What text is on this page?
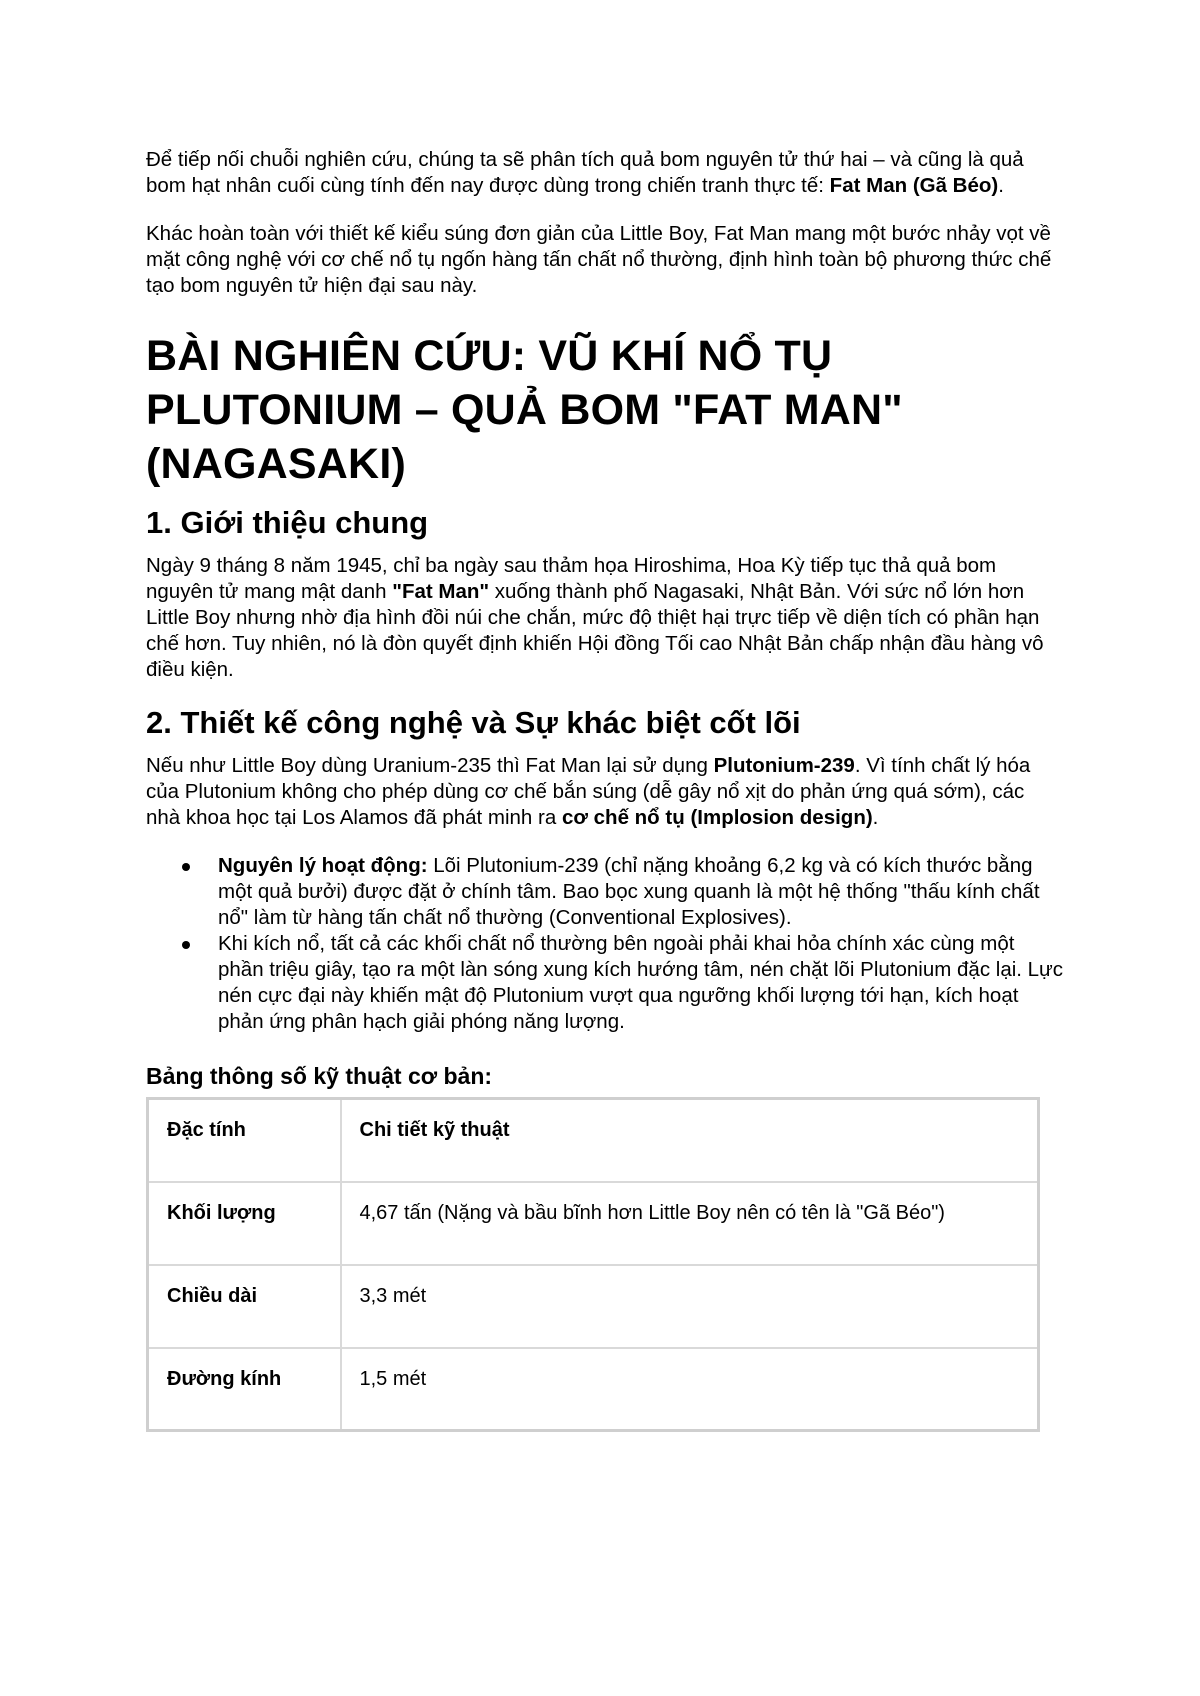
Để tiếp nối chuỗi nghiên cứu, chúng ta sẽ phân tích quả bom nguyên tử thứ hai – và cũng là quả bom hạt nhân cuối cùng tính đến nay được dùng trong chiến tranh thực tế: Fat Man (Gã Béo).

Khác hoàn toàn với thiết kế kiểu súng đơn giản của Little Boy, Fat Man mang một bước nhảy vọt về mặt công nghệ với cơ chế nổ tụ ngốn hàng tấn chất nổ thường, định hình toàn bộ phương thức chế tạo bom nguyên tử hiện đại sau này.

BÀI NGHIÊN CỨU: VŨ KHÍ NỔ TỤ PLUTONIUM – QUẢ BOM "FAT MAN" (NAGASAKI)
1. Giới thiệu chung

Ngày 9 tháng 8 năm 1945, chỉ ba ngày sau thảm họa Hiroshima, Hoa Kỳ tiếp tục thả quả bom nguyên tử mang mật danh "Fat Man" xuống thành phố Nagasaki, Nhật Bản. Với sức nổ lớn hơn Little Boy nhưng nhờ địa hình đồi núi che chắn, mức độ thiệt hại trực tiếp về diện tích có phần hạn chế hơn. Tuy nhiên, nó là đòn quyết định khiến Hội đồng Tối cao Nhật Bản chấp nhận đầu hàng vô điều kiện.

2. Thiết kế công nghệ và Sự khác biệt cốt lõi

Nếu như Little Boy dùng Uranium-235 thì Fat Man lại sử dụng Plutonium-239. Vì tính chất lý hóa của Plutonium không cho phép dùng cơ chế bắn súng (dễ gây nổ xịt do phản ứng quá sớm), các nhà khoa học tại Los Alamos đã phát minh ra cơ chế nổ tụ (Implosion design).

Nguyên lý hoạt động: Lõi Plutonium-239 (chỉ nặng khoảng 6,2 kg và có kích thước bằng một quả bưởi) được đặt ở chính tâm. Bao bọc xung quanh là một hệ thống "thấu kính chất nổ" làm từ hàng tấn chất nổ thường (Conventional Explosives).
Khi kích nổ, tất cả các khối chất nổ thường bên ngoài phải khai hỏa chính xác cùng một phần triệu giây, tạo ra một làn sóng xung kích hướng tâm, nén chặt lõi Plutonium đặc lại. Lực nén cực đại này khiến mật độ Plutonium vượt qua ngưỡng khối lượng tới hạn, kích hoạt phản ứng phân hạch giải phóng năng lượng.
Bảng thông số kỹ thuật cơ bản:
Đặc tính	Chi tiết kỹ thuật
Khối lượng	4,67 tấn (Nặng và bầu bĩnh hơn Little Boy nên có tên là "Gã Béo")
Chiều dài	3,3 mét
Đường kính	1,5 mét
